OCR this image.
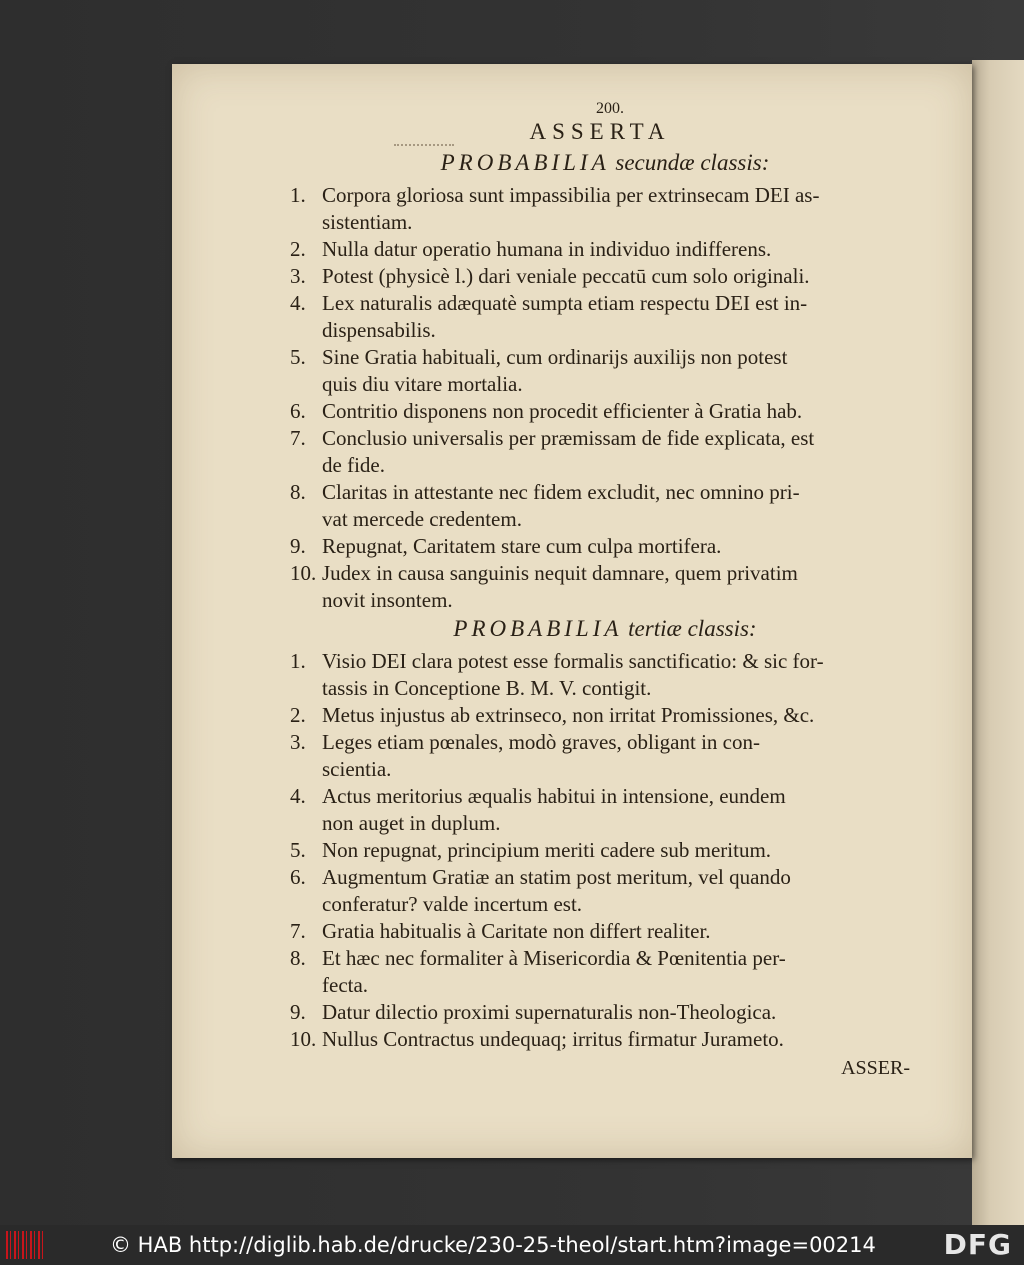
200.
ASSERTA
PROBABILIA secundæ classis:
1. Corpora gloriosa sunt impassibilia per extrinsecam DEI as-
sistentiam.
2. Nulla datur operatio humana in individuo indifferens.
3. Potest (physicè l.) dari veniale peccatū cum solo originali.
4. Lex naturalis adæquatè sumpta etiam respectu DEI est in-
dispensabilis.
5. Sine Gratia habituali, cum ordinarijs auxilijs non potest
quis diu vitare mortalia.
6. Contritio disponens non procedit efficienter à Gratia hab.
7. Conclusio universalis per præmissam de fide explicata, est
de fide.
8. Claritas in attestante nec fidem excludit, nec omnino pri-
vat mercede credentem.
9. Repugnat, Caritatem stare cum culpa mortifera.
10. Judex in causa sanguinis nequit damnare, quem privatim
novit insontem.
PROBABILIA tertiæ classis:
1. Visio DEI clara potest esse formalis sanctificatio: & sic for-
tassis in Conceptione B. M. V. contigit.
2. Metus injustus ab extrinseco, non irritat Promissiones, &c.
3. Leges etiam pœnales, modò graves, obligant in con-
scientia.
4. Actus meritorius æqualis habitui in intensione, eundem
non auget in duplum.
5. Non repugnat, principium meriti cadere sub meritum.
6. Augmentum Gratiæ an statim post meritum, vel quando
conferatur? valde incertum est.
7. Gratia habitualis à Caritate non differt realiter.
8. Et hæc nec formaliter à Misericordia & Pœnitentia per-
fecta.
9. Datur dilectio proximi supernaturalis non-Theologica.
10. Nullus Contractus undequaq; irritus firmatur Jurameto.
ASSER-
© HAB http://diglib.hab.de/drucke/230-25-theol/start.htm?image=00214 DFG
